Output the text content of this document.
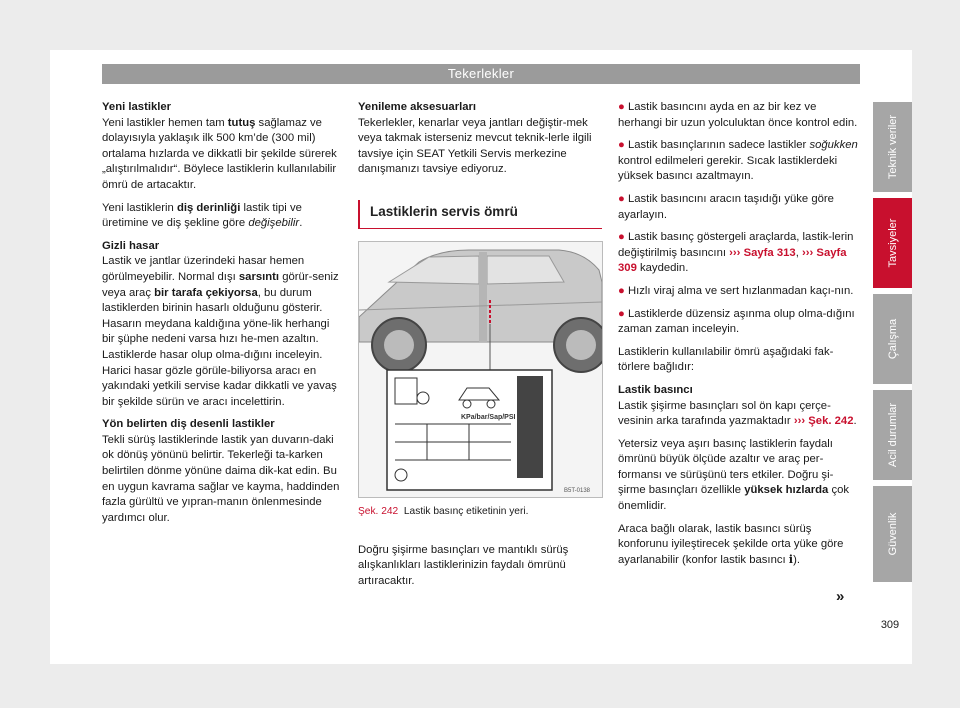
Tekerlekler
Yeni lastikler

Yeni lastikler hemen tam tutuş sağlamaz ve dolayısıyla yaklaşık ilk 500 km’de (300 mil) ortalama hızlarda ve dikkatli bir şekilde sürerek „alıştırılmalıdır“. Böylece lastiklerin kullanılabilir ömrü de artacaktır.

Yeni lastiklerin diş derinliği lastik tipi ve üretimine ve diş şekline göre değişebilir.

Gizli hasar

Lastik ve jantlar üzerindeki hasar hemen görülmeyebilir. Normal dışı sarsıntı görür-seniz veya araç bir tarafa çekiyorsa, bu durum lastiklerden birinin hasarlı olduğunu gösterir. Hasarın meydana kaldığına yöne-lik herhangi bir şüphe nedeni varsa hızı he-men azaltın. Lastiklerde hasar olup olma-dığını inceleyin. Harici hasar gözle görüle-biliyorsa aracı en yakındaki yetkili servise kadar dikkatli ve yavaş bir şekilde sürün ve aracı incelettirin.

Yön belirten diş desenli lastikler

Tekli sürüş lastiklerinde lastik yan duvarın-daki ok dönüş yönünü belirtir. Tekerleği ta-karken belirtilen dönme yönüne daima dik-kat edin. Bu en uygun kavrama sağlar ve kayma, haddinden fazla gürültü ve yıpran-manın önlenmesinde yardımcı olur.

Yenileme aksesuarları

Tekerlekler, kenarlar veya jantları değiştir-mek veya takmak isterseniz mevcut teknik-lerle ilgili tavsiye için SEAT Yetkili Servis merkezine danışmanızı tavsiye ediyoruz.

Lastiklerin servis ömrü
KPa/bar/Sap/PSI
B5T-0138
Şek. 242 Lastik basınç etiketinin yeri.

Doğru şişirme basınçları ve mantıklı sürüş alışkanlıkları lastiklerinizin faydalı ömrünü artıracaktır.

● Lastik basıncını ayda en az bir kez ve herhangi bir uzun yolculuktan önce kontrol edin.

● Lastik basınçlarının sadece lastikler soğukken kontrol edilmeleri gerekir. Sıcak lastiklerdeki yüksek basıncı azaltmayın.

● Lastik basıncını aracın taşıdığı yüke göre ayarlayın.

● Lastik basınç göstergeli araçlarda, lastik-lerin değiştirilmiş basıncını ››› Sayfa 313, ››› Sayfa 309 kaydedin.

● Hızlı viraj alma ve sert hızlanmadan kaçı-nın.

● Lastiklerde düzensiz aşınma olup olma-dığını zaman zaman inceleyin.

Lastiklerin kullanılabilir ömrü aşağıdaki fak-törlere bağlıdır:

Lastik basıncı

Lastik şişirme basınçları sol ön kapı çerçe-vesinin arka tarafında yazmaktadır ››› Şek. 242.

Yetersiz veya aşırı basınç lastiklerin faydalı ömrünü büyük ölçüde azaltır ve araç per-formansı ve sürüşünü ters etkiler. Doğru şi-şirme basınçları özellikle yüksek hızlarda çok önemlidir.

Araca bağlı olarak, lastik basıncı sürüş konforunu iyileştirecek şekilde orta yüke göre ayarlanabilir (konfor lastik basıncı ℹ).

»
Teknik veriler
Tavsiyeler
Çalışma
Acil durumlar
Güvenlik
309
